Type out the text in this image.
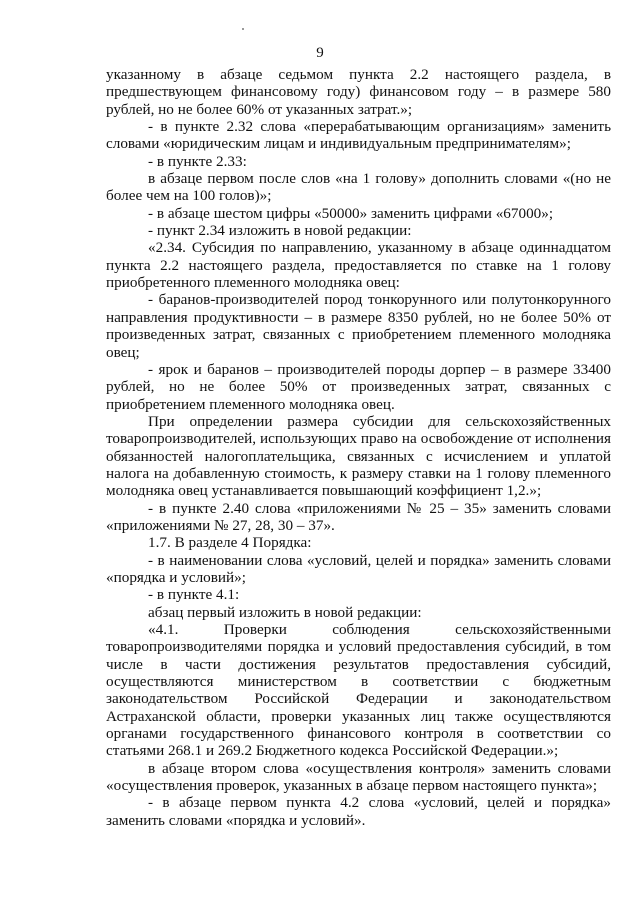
9

указанному в абзаце седьмом пункта 2.2 настоящего раздела, в предшествующем финансовому году) финансовом году – в размере 580 рублей, но не более 60% от указанных затрат.»;

- в пункте 2.32 слова «перерабатывающим организациям» заменить словами «юридическим лицам и индивидуальным предпринимателям»;

- в пункте 2.33:

в абзаце первом после слов «на 1 голову» дополнить словами «(но не более чем на 100 голов)»;

- в абзаце шестом цифры «50000» заменить цифрами «67000»;

- пункт 2.34 изложить в новой редакции:

«2.34. Субсидия по направлению, указанному в абзаце одиннадцатом пункта 2.2 настоящего раздела, предоставляется по ставке на 1 голову приобретенного племенного молодняка овец:

- баранов-производителей пород тонкорунного или полутонкорунного направления продуктивности – в размере 8350 рублей, но не более 50% от произведенных затрат, связанных с приобретением племенного молодняка овец;

- ярок и баранов – производителей породы дорпер – в размере 33400 рублей, но не более 50% от произведенных затрат, связанных с приобретением племенного молодняка овец.

При определении размера субсидии для сельскохозяйственных товаропроизводителей, использующих право на освобождение от исполнения обязанностей налогоплательщика, связанных с исчислением и уплатой налога на добавленную стоимость, к размеру ставки на 1 голову племенного молодняка овец устанавливается повышающий коэффициент 1,2.»;

- в пункте 2.40 слова «приложениями № 25 – 35» заменить словами «приложениями № 27, 28, 30 – 37».

1.7. В разделе 4 Порядка:

- в наименовании слова «условий, целей и порядка» заменить словами «порядка и условий»;

- в пункте 4.1:

абзац первый изложить в новой редакции:

«4.1. Проверки соблюдения сельскохозяйственными товаропроизводителями порядка и условий предоставления субсидий, в том числе в части достижения результатов предоставления субсидий, осуществляются министерством в соответствии с бюджетным законодательством Российской Федерации и законодательством Астраханской области, проверки указанных лиц также осуществляются органами государственного финансового контроля в соответствии со статьями 268.1 и 269.2 Бюджетного кодекса Российской Федерации.»;

в абзаце втором слова «осуществления контроля» заменить словами «осуществления проверок, указанных в абзаце первом настоящего пункта»;

- в абзаце первом пункта 4.2 слова «условий, целей и порядка» заменить словами «порядка и условий».
